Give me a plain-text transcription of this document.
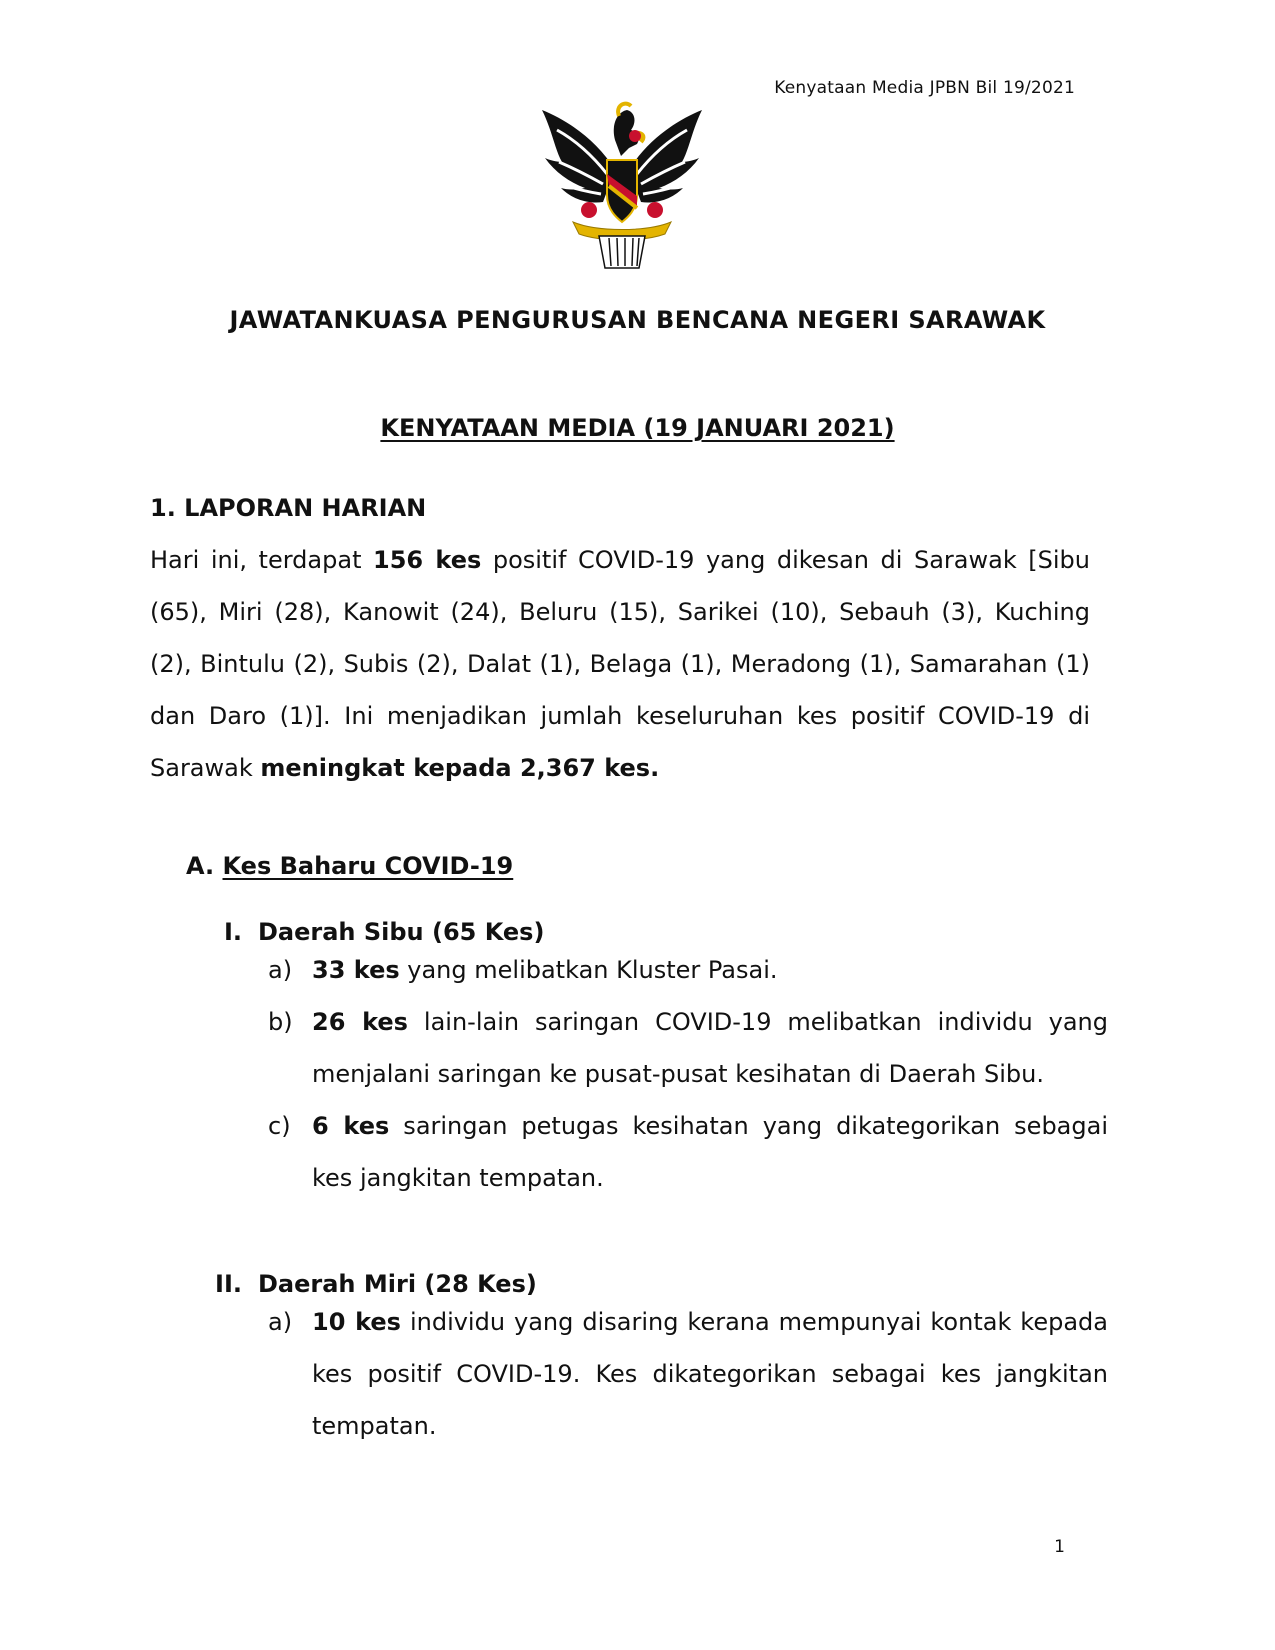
Kenyataan Media JPBN Bil 19/2021
JAWATANKUASA PENGURUSAN BENCANA NEGERI SARAWAK
KENYATAAN MEDIA (19 JANUARI 2021)
1. LAPORAN HARIAN
Hari ini, terdapat 156 kes positif COVID-19 yang dikesan di Sarawak [Sibu (65), Miri (28), Kanowit (24), Beluru (15), Sarikei (10), Sebauh (3), Kuching (2), Bintulu (2), Subis (2), Dalat (1), Belaga (1), Meradong (1), Samarahan (1) dan Daro (1)]. Ini menjadikan jumlah keseluruhan kes positif COVID-19 di Sarawak meningkat kepada 2,367 kes.
A. Kes Baharu COVID-19
I. Daerah Sibu (65 Kes)
a) 33 kes yang melibatkan Kluster Pasai.
b) 26 kes lain-lain saringan COVID-19 melibatkan individu yang menjalani saringan ke pusat-pusat kesihatan di Daerah Sibu.
c) 6 kes saringan petugas kesihatan yang dikategorikan sebagai kes jangkitan tempatan.
II. Daerah Miri (28 Kes)
a) 10 kes individu yang disaring kerana mempunyai kontak kepada kes positif COVID-19. Kes dikategorikan sebagai kes jangkitan tempatan.
1
